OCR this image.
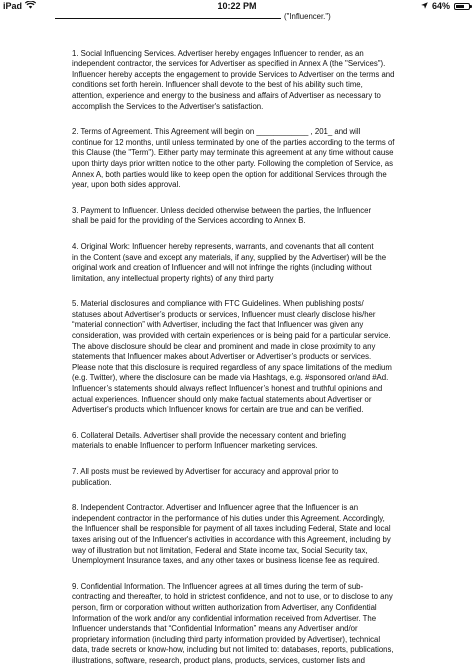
iPad	10:22 PM	64%
("Influencer.")

1. Social Influencing Services. Advertiser hereby engages Influencer to render, as an
independent contractor, the services for Advertiser as specified in Annex A (the "Services").
Influencer hereby accepts the engagement to provide Services to Advertiser on the terms and
conditions set forth herein. Influencer shall devote to the best of his ability such time,
attention, experience and energy to the business and affairs of Advertiser as necessary to
accomplish the Services to the Advertiser's satisfaction.

2. Terms of Agreement. This Agreement will begin on ____________ , 201_ and will
continue for 12 months, until unless terminated by one of the parties according to the terms of
this Clause (the "Term"). Either party may terminate this agreement at any time without cause
upon thirty days prior written notice to the other party. Following the completion of Service, as
Annex A, both parties would like to keep open the option for additional Services through the
year, upon both sides approval.

3. Payment to Influencer. Unless decided otherwise between the parties, the Influencer
shall be paid for the providing of the Services according to Annex B.

4. Original Work: Influencer hereby represents, warrants, and covenants that all content
in the Content (save and except any materials, if any, supplied by the Advertiser) will be the
original work and creation of Influencer and will not infringe the rights (including without
limitation, any intellectual property rights) of any third party

5. Material disclosures and compliance with FTC Guidelines. When publishing posts/
statuses about Advertiser’s products or services, Influencer must clearly disclose his/her
“material connection” with Advertiser, including the fact that Influencer was given any
consideration, was provided with certain experiences or is being paid for a particular service.
The above disclosure should be clear and prominent and made in close proximity to any
statements that Influencer makes about Advertiser or Advertiser’s products or services.
Please note that this disclosure is required regardless of any space limitations of the medium
(e.g. Twitter), where the disclosure can be made via Hashtags, e.g. #sponsored or/and #Ad.
Influencer’s statements should always reflect Influencer’s honest and truthful opinions and
actual experiences. Influencer should only make factual statements about Advertiser or
Advertiser's products which Influencer knows for certain are true and can be verified.

6. Collateral Details. Advertiser shall provide the necessary content and briefing
materials to enable Influencer to perform Influencer marketing services.

7. All posts must be reviewed by Advertiser for accuracy and approval prior to
publication.

8. Independent Contractor. Advertiser and Influencer agree that the Influencer is an
independent contractor in the performance of his duties under this Agreement. Accordingly,
the Influencer shall be responsible for payment of all taxes including Federal, State and local
taxes arising out of the Influencer's activities in accordance with this Agreement, including by
way of illustration but not limitation, Federal and State income tax, Social Security tax,
Unemployment Insurance taxes, and any other taxes or business license fee as required.

9. Confidential Information. The Influencer agrees at all times during the term of sub-
contracting and thereafter, to hold in strictest confidence, and not to use, or to disclose to any
person, firm or corporation without written authorization from Advertiser, any Confidential
Information of the work and/or any confidential information received from Advertiser. The
Influencer understands that “Confidential Information” means any Advertiser and/or
proprietary information (including third party information provided by Advertiser), technical
data, trade secrets or know-how, including but not limited to: databases, reports, publications,
illustrations, software, research, product plans, products, services, customer lists and
